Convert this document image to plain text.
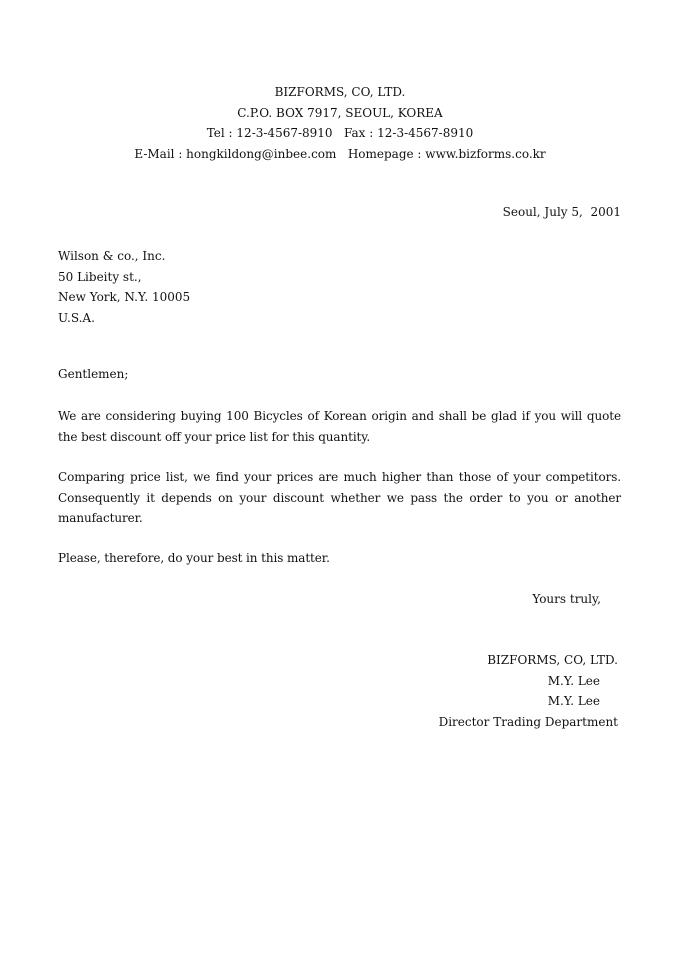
BIZFORMS, CO, LTD.
C.P.O. BOX 7917, SEOUL, KOREA
Tel : 12-3-4567-8910   Fax : 12-3-4567-8910
E-Mail : hongkildong@inbee.com   Homepage : www.bizforms.co.kr
Seoul, July 5,  2001
Wilson & co., Inc.
50 Libeity st.,
New York, N.Y. 10005
U.S.A.
Gentlemen;
We are considering buying 100 Bicycles of Korean origin and shall be glad if you will quote the best discount off your price list for this quantity.
Comparing price list, we find your prices are much higher than those of your competitors. Consequently it depends on your discount whether we pass the order to you or another manufacturer.
Please, therefore, do your best in this matter.
Yours truly,
BIZFORMS, CO, LTD.
M.Y. Lee
M.Y. Lee
Director Trading Department
